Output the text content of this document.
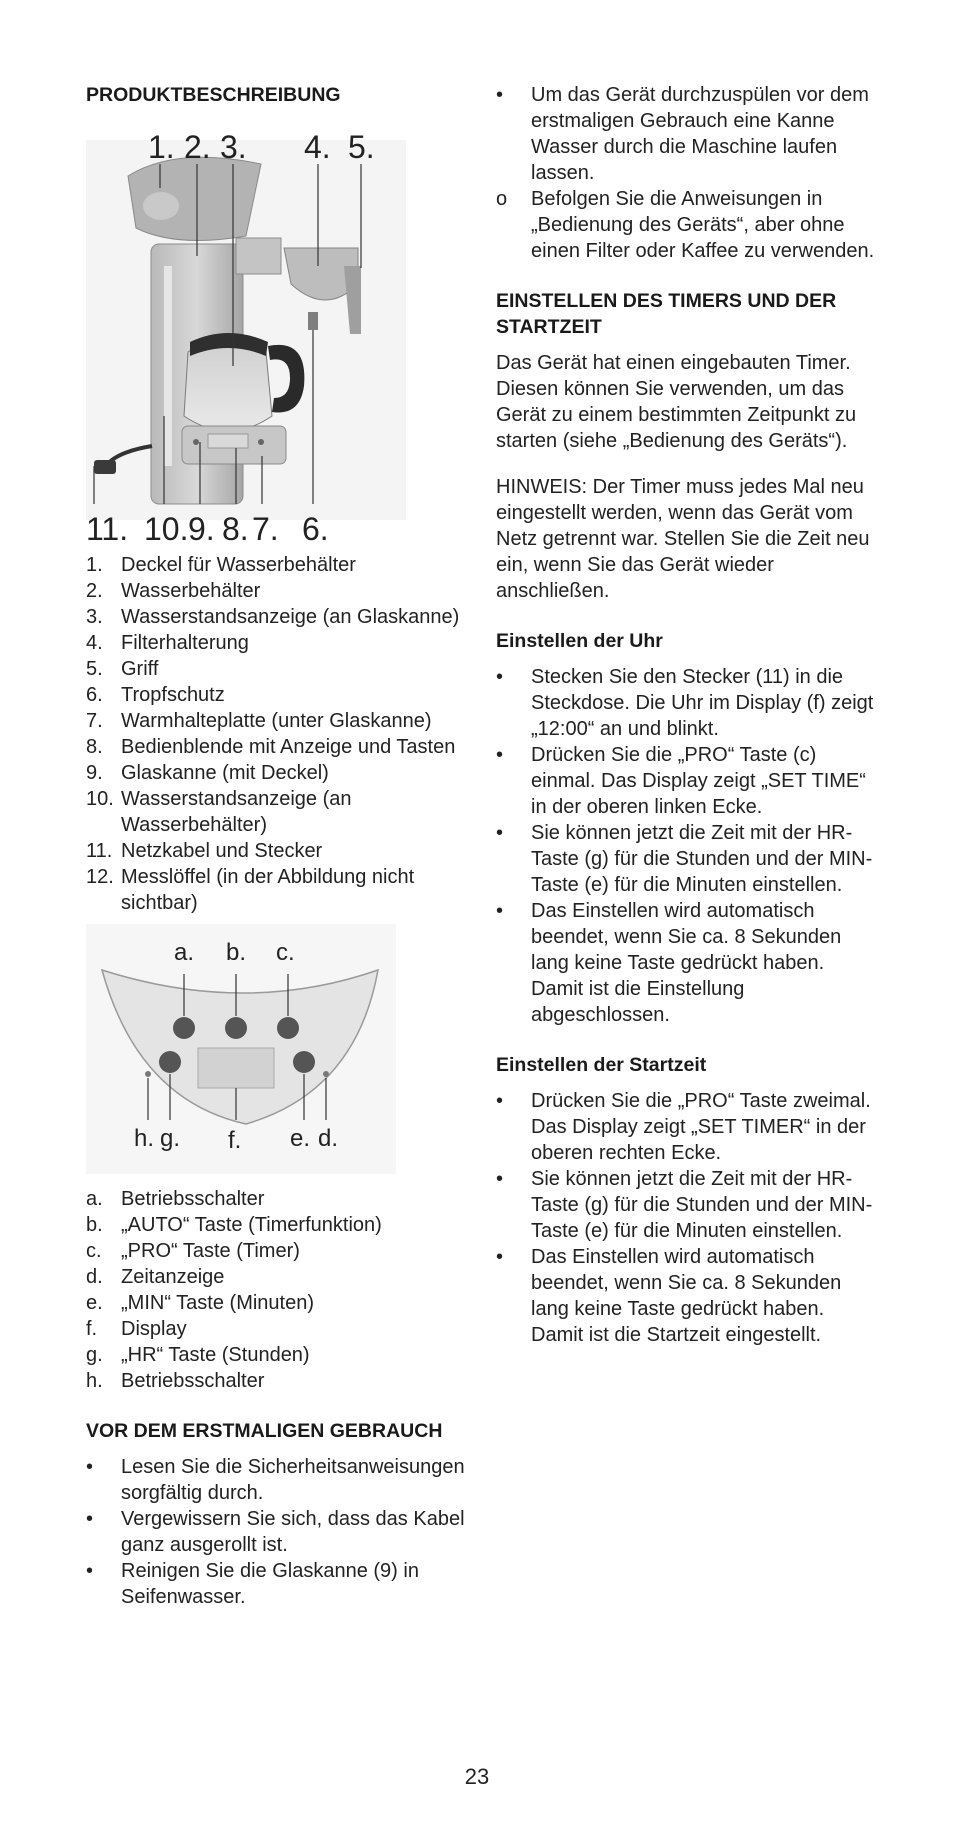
PRODUKTBESCHREIBUNG
1. 2. 3. 4. 5.
11. 10. 9. 8. 7. 6.
1. Deckel für Wasserbehälter
2. Wasserbehälter
3. Wasserstandsanzeige (an Glaskanne)
4. Filterhalterung
5. Griff
6. Tropfschutz
7. Warmhalteplatte (unter Glaskanne)
8. Bedienblende mit Anzeige und Tasten
9. Glaskanne (mit Deckel)
10. Wasserstandsanzeige (an Wasserbehälter)
11. Netzkabel und Stecker
12. Messlöffel (in der Abbildung nicht sichtbar)
a. b. c.
h. g. f. e. d.
a. Betriebsschalter
b. „AUTO“ Taste (Timerfunktion)
c. „PRO“ Taste (Timer)
d. Zeitanzeige
e. „MIN“ Taste (Minuten)
f.	Display
g. „HR“ Taste (Stunden)
h. Betriebsschalter
VOR DEM ERSTMALIGEN GEBRAUCH
•	Lesen Sie die Sicherheitsanweisungen sorgfältig durch.
•	Vergewissern Sie sich, dass das Kabel ganz ausgerollt ist.
•	Reinigen Sie die Glaskanne (9) in Seifenwasser.
•	Um das Gerät durchzuspülen vor dem erstmaligen Gebrauch eine Kanne Wasser durch die Maschine laufen lassen.
o	Befolgen Sie die Anweisungen in „Bedienung des Geräts“, aber ohne einen Filter oder Kaffee zu verwenden.
EINSTELLEN DES TIMERS UND DER STARTZEIT

Das Gerät hat einen eingebauten Timer. Diesen können Sie verwenden, um das Gerät zu einem bestimmten Zeitpunkt zu starten (siehe „Bedienung des Geräts“).

HINWEIS: Der Timer muss jedes Mal neu eingestellt werden, wenn das Gerät vom Netz getrennt war. Stellen Sie die Zeit neu ein, wenn Sie das Gerät wieder anschließen.

Einstellen der Uhr
•	Stecken Sie den Stecker (11) in die Steckdose. Die Uhr im Display (f) zeigt „12:00“ an und blinkt.
•	Drücken Sie die „PRO“ Taste (c) einmal. Das Display zeigt „SET TIME“ in der oberen linken Ecke.
•	Sie können jetzt die Zeit mit der HR-Taste (g) für die Stunden und der MIN-Taste (e) für die Minuten einstellen.
•	Das Einstellen wird automatisch beendet, wenn Sie ca. 8 Sekunden lang keine Taste gedrückt haben. Damit ist die Einstellung abgeschlossen.
Einstellen der Startzeit
•	Drücken Sie die „PRO“ Taste zweimal. Das Display zeigt „SET TIMER“ in der oberen rechten Ecke.
•	Sie können jetzt die Zeit mit der HR-Taste (g) für die Stunden und der MIN-Taste (e) für die Minuten einstellen.
•	Das Einstellen wird automatisch beendet, wenn Sie ca. 8 Sekunden lang keine Taste gedrückt haben. Damit ist die Startzeit eingestellt.
23
